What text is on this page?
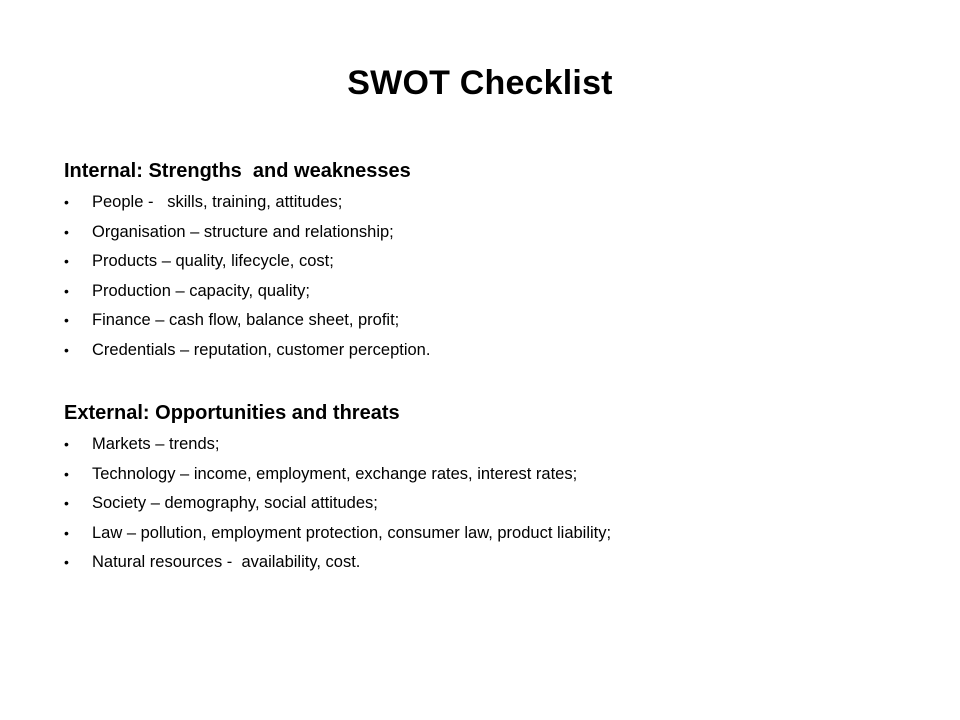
SWOT Checklist
Internal: Strengths  and weaknesses
•	People -   skills, training, attitudes;
•	Organisation – structure and relationship;
•	Products – quality, lifecycle, cost;
•	Production – capacity, quality;
•	Finance – cash flow, balance sheet, profit;
•	Credentials – reputation, customer perception.
External: Opportunities and threats
•	Markets – trends;
•	Technology – income, employment, exchange rates, interest rates;
•	Society – demography, social attitudes;
•	Law – pollution, employment protection, consumer law, product liability;
•	Natural resources -  availability, cost.
